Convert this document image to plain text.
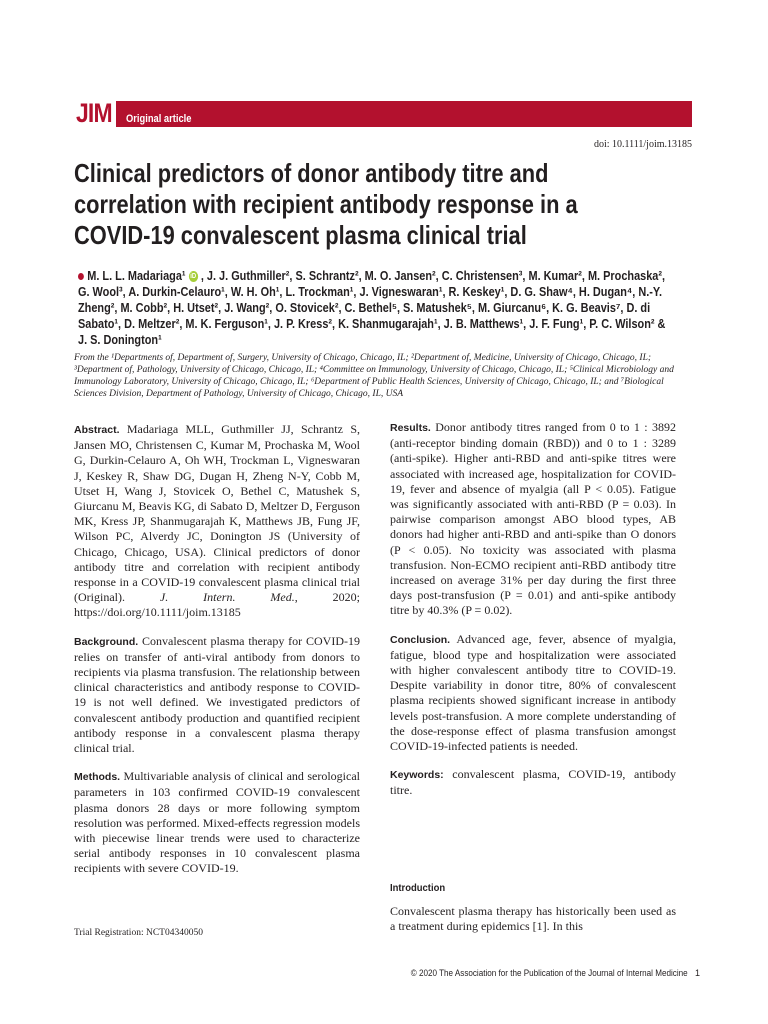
JIM Original article
doi: 10.1111/joim.13185
Clinical predictors of donor antibody titre and correlation with recipient antibody response in a COVID-19 convalescent plasma clinical trial
M. L. L. Madariaga¹ iD , J. J. Guthmiller², S. Schrantz², M. O. Jansen², C. Christensen³, M. Kumar², M. Prochaska², G. Wool³, A. Durkin-Celauro¹, W. H. Oh¹, L. Trockman¹, J. Vigneswaran¹, R. Keskey¹, D. G. Shaw⁴, H. Dugan⁴, N.-Y. Zheng², M. Cobb², H. Utset², J. Wang², O. Stovicek², C. Bethel⁵, S. Matushek⁵, M. Giurcanu⁶, K. G. Beavis⁷, D. di Sabato¹, D. Meltzer², M. K. Ferguson¹, J. P. Kress², K. Shanmugarajah¹, J. B. Matthews¹, J. F. Fung¹, P. C. Wilson² & J. S. Donington¹
From the ¹Departments of, Department of, Surgery, University of Chicago, Chicago, IL; ²Department of, Medicine, University of Chicago, Chicago, IL; ³Department of, Pathology, University of Chicago, Chicago, IL; ⁴Committee on Immunology, University of Chicago, Chicago, IL; ⁵Clinical Microbiology and Immunology Laboratory, University of Chicago, Chicago, IL; ⁶Department of Public Health Sciences, University of Chicago, Chicago, IL; and ⁷Biological Sciences Division, Department of Pathology, University of Chicago, Chicago, IL, USA

Abstract. Madariaga MLL, Guthmiller JJ, Schrantz S, Jansen MO, Christensen C, Kumar M, Prochaska M, Wool G, Durkin-Celauro A, Oh WH, Trockman L, Vigneswaran J, Keskey R, Shaw DG, Dugan H, Zheng N-Y, Cobb M, Utset H, Wang J, Stovicek O, Bethel C, Matushek S, Giurcanu M, Beavis KG, di Sabato D, Meltzer D, Ferguson MK, Kress JP, Shanmugarajah K, Matthews JB, Fung JF, Wilson PC, Alverdy JC, Donington JS (University of Chicago, Chicago, USA). Clinical predictors of donor antibody titre and correlation with recipient antibody response in a COVID-19 convalescent plasma clinical trial (Original).	J. Intern. Med., 2020; https://doi.org/10.1111/joim.13185

Background. Convalescent plasma therapy for COVID-19 relies on transfer of anti-viral antibody from donors to recipients via plasma transfusion. The relationship between clinical characteristics and antibody response to COVID-19 is not well defined. We investigated predictors of convalescent antibody production and quantified recipient antibody response in a convalescent plasma therapy clinical trial.

Methods. Multivariable analysis of clinical and serological parameters in 103 confirmed COVID-19 convalescent plasma donors 28 days or more following symptom resolution was performed. Mixed-effects regression models with piecewise linear trends were used to characterize serial antibody responses in 10 convalescent plasma recipients with severe COVID-19.

Results. Donor antibody titres ranged from 0 to 1 : 3892 (anti-receptor binding domain (RBD)) and 0 to 1 : 3289 (anti-spike). Higher anti-RBD and anti-spike titres were associated with increased age, hospitalization for COVID-19, fever and absence of myalgia (all P < 0.05). Fatigue was significantly associated with anti-RBD (P = 0.03). In pairwise comparison amongst ABO blood types, AB donors had higher anti-RBD and anti-spike than O donors (P < 0.05). No toxicity was associated with plasma transfusion. Non-ECMO recipient anti-RBD antibody titre increased on average 31% per day during the first three days post-transfusion (P = 0.01) and anti-spike antibody titre by 40.3% (P = 0.02).

Conclusion. Advanced age, fever, absence of myalgia, fatigue, blood type and hospitalization were associated with higher convalescent antibody titre to COVID-19. Despite variability in donor titre, 80% of convalescent plasma recipients showed significant increase in antibody levels post-transfusion. A more complete understanding of the dose-response effect of plasma transfusion amongst COVID-19-infected patients is needed.

Keywords: convalescent plasma, COVID-19, antibody titre.

Introduction
Convalescent plasma therapy has historically been used as a treatment during epidemics [1]. In this
Trial Registration: NCT04340050
© 2020 The Association for the Publication of the Journal of Internal Medicine 1
